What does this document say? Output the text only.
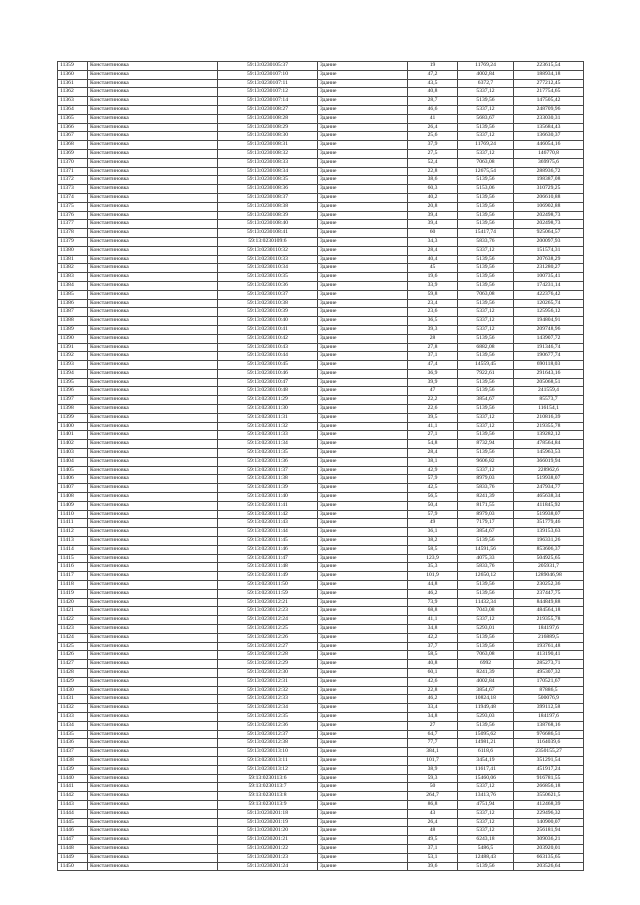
11359	Константиновка	59:13:0230105:37	Здание	19	11769,24	223615,54
11360	Константиновка	59:13:0230107:10	Здание	47,2	4002,84	188934,18
11361	Константиновка	59:13:0230107:11	Здание	43,5	6372,7	277212,45
11362	Константиновка	59:13:0230107:12	Здание	40,8	5337,12	217754,65
11363	Константиновка	59:13:0230107:14	Здание	28,7	5139,56	147505,42
11364	Константиновка	59:13:0230108:27	Здание	46,6	5337,12	248709,96
11365	Константиновка	59:13:0230108:28	Здание	41	5683,67	233030,31
11366	Константиновка	59:13:0230108:29	Здание	26,4	5139,56	135684,43
11367	Константиновка	59:13:0230108:30	Здание	25,6	5337,12	136630,37
11368	Константиновка	59:13:0230108:31	Здание	37,9	11769,24	446054,16
11369	Константиновка	59:13:0230108:32	Здание	27,5	5337,12	146770,8
11370	Константиновка	59:13:0230108:33	Здание	52,4	7063,08	369975,6
11371	Константиновка	59:13:0230108:34	Здание	22,8	12675,54	288936,72
11372	Константиновка	59:13:0230108:35	Здание	38,6	5139,56	198387,08
11373	Константиновка	59:13:0230108:36	Здание	60,3	5153,06	310729,25
11374	Константиновка	59:13:0230108:37	Здание	40,2	5139,56	206610,88
11375	Константиновка	59:13:0230108:38	Здание	20,8	5139,56	106902,88
11376	Константиновка	59:13:0230108:39	Здание	39,4	5139,56	202498,73
11377	Константиновка	59:13:0230108:40	Здание	39,4	5139,56	202498,73
11378	Константиновка	59:13:0230108:41	Здание	60	15417,74	925064,57
11379	Константиновка	59:13:0230109:6	Здание	34,3	5833,76	200097,93
11380	Константиновка	59:13:0230110:32	Здание	28,4	5337,12	151574,31
11381	Константиновка	59:13:0230110:33	Здание	40,4	5139,56	207638,29
11382	Константиновка	59:13:0230110:34	Здание	45	5139,56	231280,27
11383	Константиновка	59:13:0230110:35	Здание	19,6	5139,56	100735,41
11384	Константиновка	59:13:0230110:36	Здание	33,9	5139,56	174231,14
11385	Константиновка	59:13:0230110:37	Здание	59,8	7063,08	422376,42
11386	Константиновка	59:13:0230110:38	Здание	23,4	5139,56	120265,74
11387	Константиновка	59:13:0230110:39	Здание	23,6	5337,12	125956,12
11388	Константиновка	59:13:0230110:40	Здание	36,5	5337,12	194804,91
11389	Константиновка	59:13:0230110:41	Здание	39,3	5337,12	209748,96
11390	Константиновка	59:13:0230110:42	Здание	28	5139,56	143907,72
11391	Константиновка	59:13:0230110:43	Здание	27,8	6882,08	191346,74
11392	Константиновка	59:13:0230110:44	Здание	37,1	5139,56	190677,74
11393	Константиновка	59:13:0230110:45	Здание	47,4	14559,45	690118,03
11394	Константиновка	59:13:0230110:46	Здание	36,9	7922,61	291643,16
11395	Константиновка	59:13:0230110:47	Здание	39,9	5139,56	205068,51
11396	Константиновка	59:13:0230110:48	Здание	47	5139,56	241559,4
11397	Константиновка	59:13:0230111:29	Здание	22,2	3854,67	85573,7
11398	Константиновка	59:13:0230111:30	Здание	22,6	5139,56	116154,1
11399	Константиновка	59:13:0230111:31	Здание	39,5	5337,12	210816,39
11400	Константиновка	59:13:0230111:32	Здание	41,1	5337,12	219355,78
11401	Константиновка	59:13:0230111:33	Здание	27,1	5139,56	139282,12
11402	Константиновка	59:13:0230111:34	Здание	54,8	8732,94	478564,84
11403	Константиновка	59:13:0230111:35	Здание	28,4	5139,56	145963,53
11404	Константиновка	59:13:0230111:36	Здание	38,1	9606,82	366019,94
11405	Константиновка	59:13:0230111:37	Здание	42,9	5337,12	228962,6
11406	Константиновка	59:13:0230111:38	Здание	57,9	8979,03	519938,07
11407	Константиновка	59:13:0230111:39	Здание	42,5	5833,76	247934,77
11408	Константиновка	59:13:0230111:40	Здание	56,5	8241,39	465638,34
11409	Константиновка	59:13:0230111:41	Здание	50,4	8171,55	411845,92
11410	Константиновка	59:13:0230111:42	Здание	57,9	8979,03	519938,07
11411	Константиновка	59:13:0230111:43	Здание	49	7179,17	351779,46
11412	Константиновка	59:13:0230111:44	Здание	36,1	3854,67	139153,63
11413	Константиновка	59:13:0230111:45	Здание	38,2	5139,56	196331,26
11414	Константиновка	59:13:0230111:46	Здание	58,5	14591,56	853606,37
11415	Константиновка	59:13:0230111:47	Здание	123,9	4075,33	504925,65
11416	Константиновка	59:13:0230111:48	Здание	35,3	5833,76	205931,7
11417	Константиновка	59:13:0230111:49	Здание	101,9	12650,12	1289046,98
11418	Константиновка	59:13:0230111:50	Здание	44,8	5139,56	230252,36
11419	Константиновка	59:13:0230111:59	Здание	46,2	5139,56	237447,75
11420	Константиновка	59:13:0230112:21	Здание	73,9	11432,34	844849,88
11421	Константиновка	59:13:0230112:23	Здание	68,8	7043,08	484564,18
11422	Константиновка	59:13:0230112:24	Здание	41,1	5337,12	219355,78
11423	Константиновка	59:13:0230112:25	Здание	34,8	5293,01	184197,6
11424	Константиновка	59:13:0230112:26	Здание	42,2	5139,56	216889,5
11425	Константиновка	59:13:0230112:27	Здание	37,7	5139,56	193761,48
11426	Константиновка	59:13:0230112:28	Здание	58,5	7063,08	413190,41
11427	Константиновка	59:13:0230112:29	Здание	40,8	6992	285273,71
11428	Константиновка	59:13:0230112:30	Здание	60,1	8241,39	495307,32
11429	Константиновка	59:13:0230112:31	Здание	42,6	4002,84	170521,67
11430	Константиновка	59:13:0230112:32	Здание	22,8	3854,67	87886,5
11431	Константиновка	59:13:0230112:33	Здание	46,2	10824,18	500076,9
11432	Константиновка	59:13:0230112:34	Здание	33,4	11949,48	399112,58
11433	Константиновка	59:13:0230112:35	Здание	34,8	5293,03	184197,6
11434	Константиновка	59:13:0230112:36	Здание	27	5139,56	138768,16
11435	Константиновка	59:13:0230112:37	Здание	64,7	15095,62	976686,51
11436	Константиновка	59:13:0230112:38	Здание	77,7	14981,21	1164039,6
11437	Константиновка	59:13:0230113:10	Здание	384,1	6118,6	2350155,27
11438	Константиновка	59:13:0230113:11	Здание	101,7	3454,19	351291,54
11439	Константиновка	59:13:0230113:12	Здание	38,9	11617,41	451917,24
11440	Константиновка	59:13:0230113:6	Здание	59,3	15460,06	916781,55
11441	Константиновка	59:13:0230113:7	Здание	50	5337,12	266856,18
11442	Константиновка	59:13:0230113:8	Здание	264,7	13413,76	3550621,5
11443	Константиновка	59:13:0230113:9	Здание	86,8	4751,94	412468,39
11444	Константиновка	59:13:0230201:18	Здание	43	5337,12	229496,32
11445	Константиновка	59:13:0230201:19	Здание	26,4	5337,12	140900,07
11446	Константиновка	59:13:0230201:20	Здание	48	5337,12	256181,94
11447	Константиновка	59:13:0230201:21	Здание	49,5	6243,18	309036,21
11448	Константиновка	59:13:0230201:22	Здание	37,1	5486,5	203920,01
11449	Константиновка	59:13:0230201:23	Здание	53,1	12488,43	663135,65
11450	Константиновка	59:13:0230201:24	Здание	39,6	5139,56	203526,64
